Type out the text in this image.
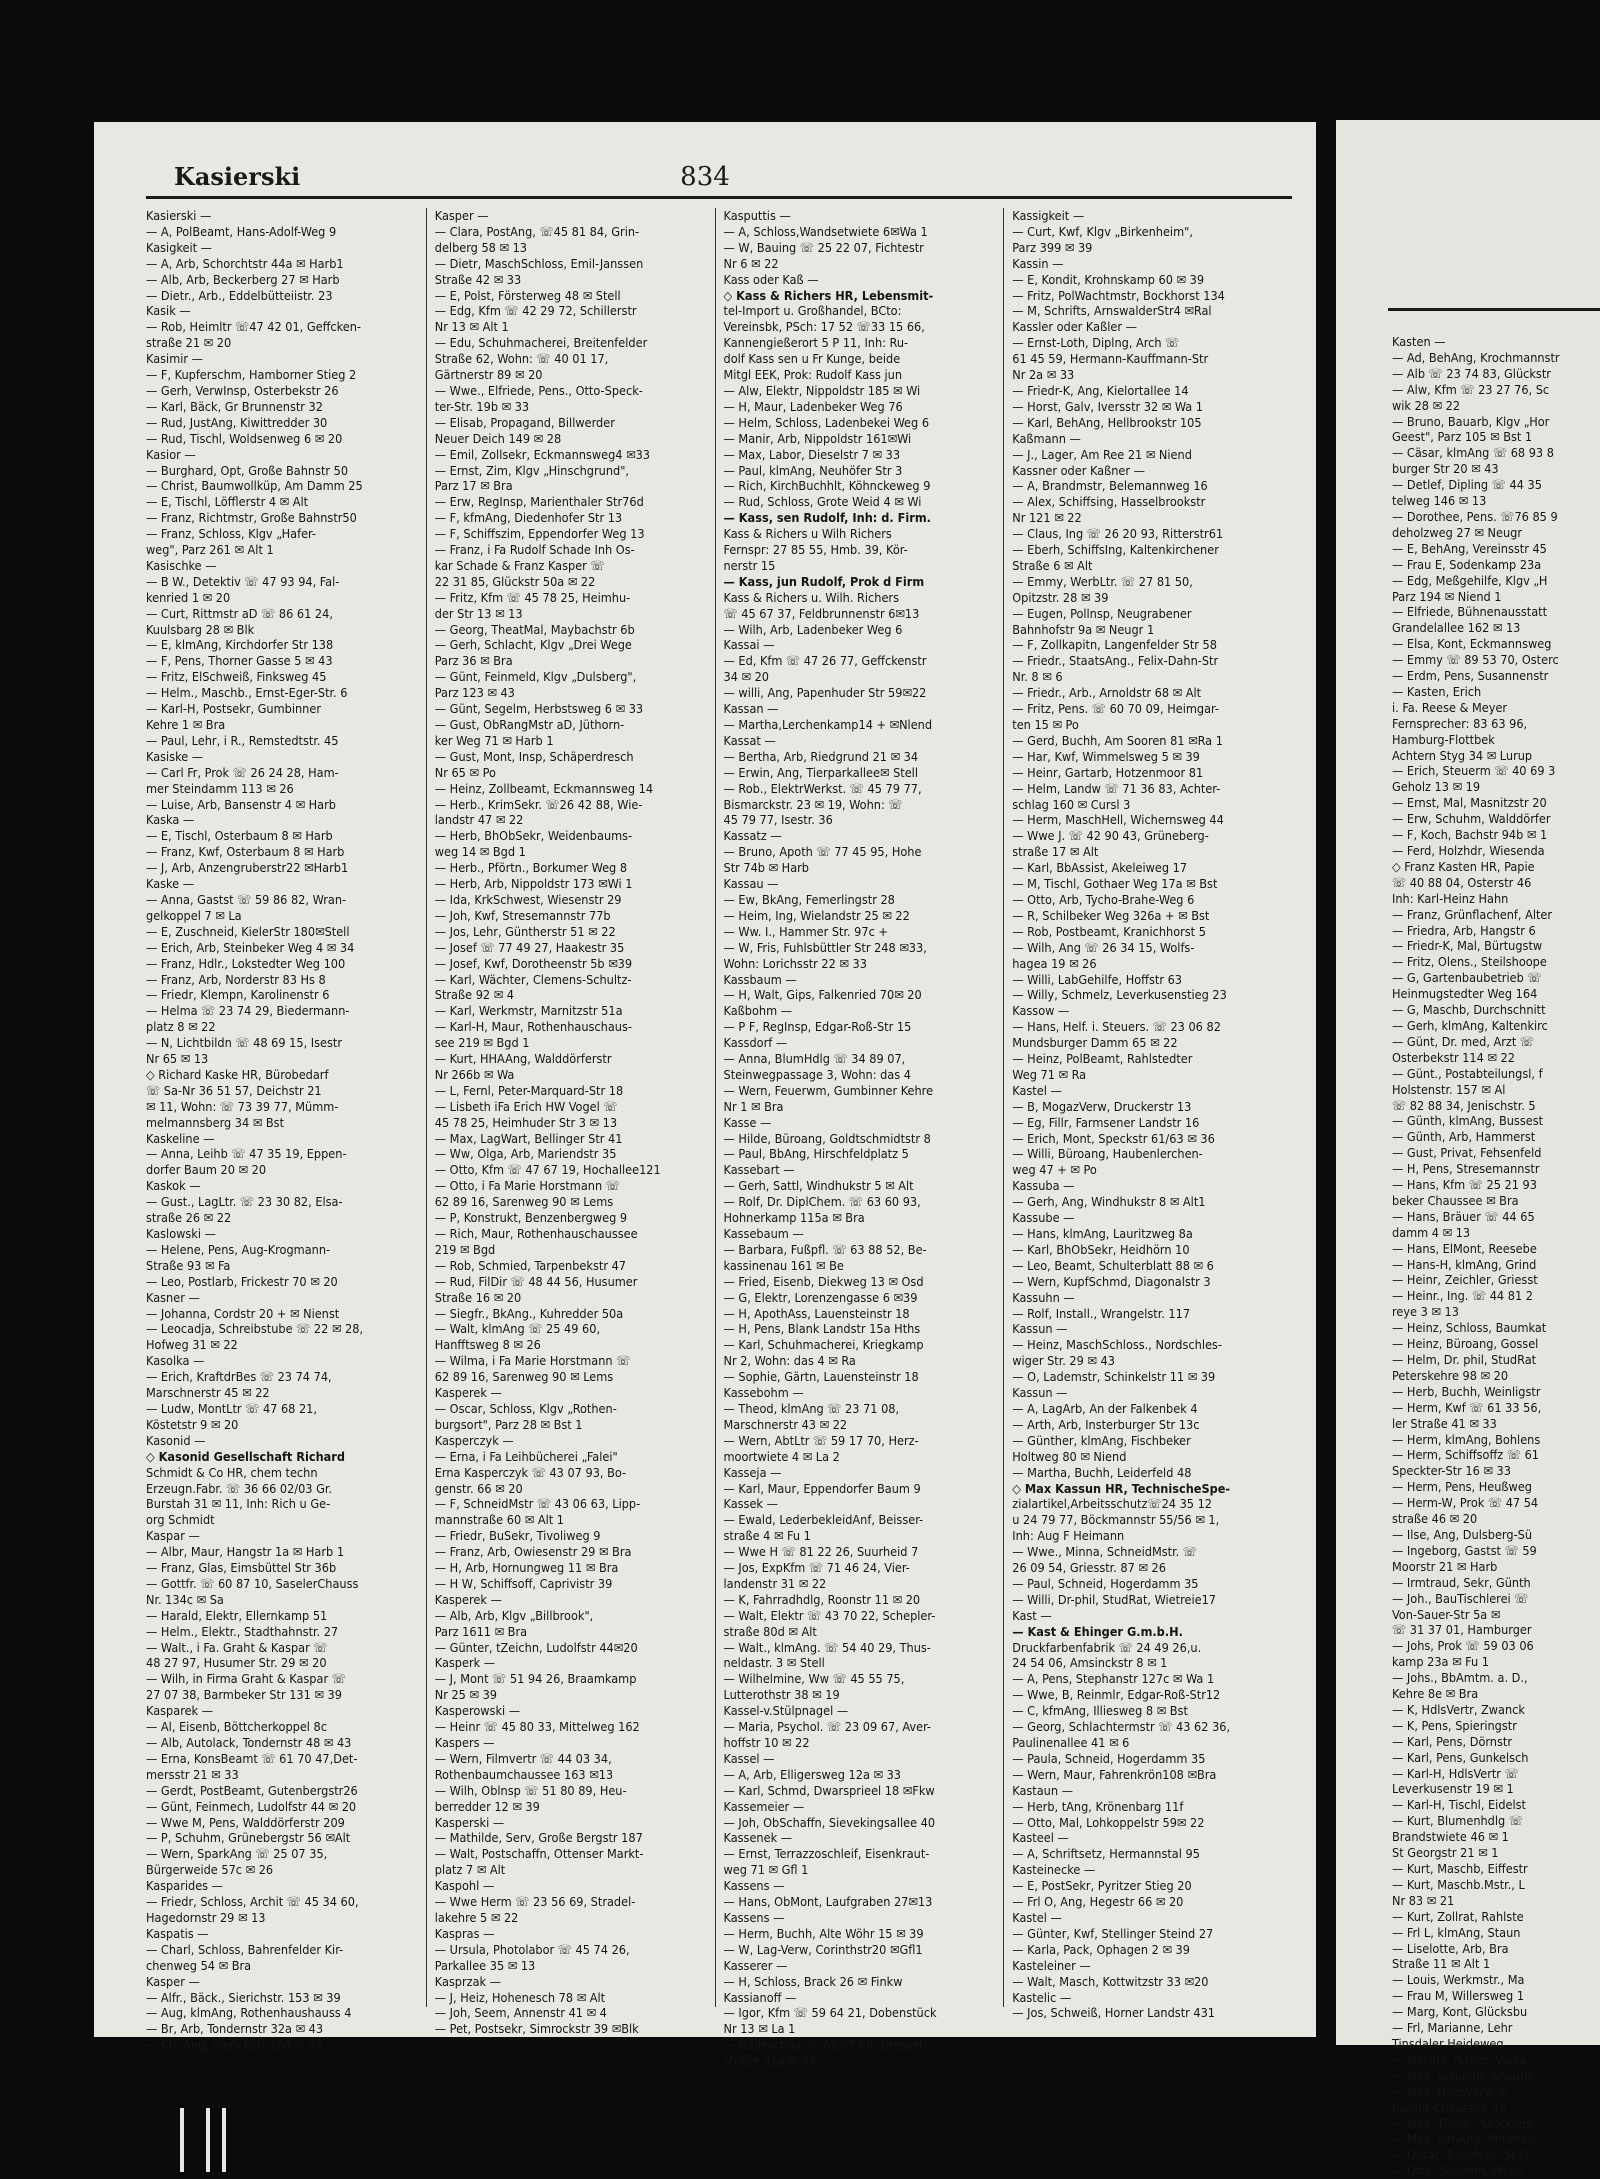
Kasierski	834
Kasierski —
— A, PolBeamt, Hans-Adolf-Weg 9
Kasigkeit —
— A, Arb, Schorchtstr 44a ✉ Harb1
— Alb, Arb, Beckerberg 27 ✉ Harb
— Dietr., Arb., Eddelbütteiistr. 23
Kasik —
— Rob, Heimltr ☏47 42 01, Geffcken-
straße 21 ✉ 20
Kasimir —
— F, Kupferschm, Hamborner Stieg 2
— Gerh, VerwInsp, Osterbekstr 26
— Karl, Bäck, Gr Brunnenstr 32
— Rud, JustAng, Kiwittredder 30
— Rud, Tischl, Woldsenweg 6 ✉ 20
Kasior —
— Burghard, Opt, Große Bahnstr 50
— Christ, Baumwollküp, Am Damm 25
— E, Tischl, Löfflerstr 4 ✉ Alt
— Franz, Richtmstr, Große Bahnstr50
— Franz, Schloss, Klgv „Hafer-
weg", Parz 261 ✉ Alt 1
Kasischke —
— B W., Detektiv ☏ 47 93 94, Fal-
kenried 1 ✉ 20
— Curt, Rittmstr aD ☏ 86 61 24,
Kuulsbarg 28 ✉ Blk
— E, klmAng, Kirchdorfer Str 138
— F, Pens, Thorner Gasse 5 ✉ 43
— Fritz, ElSchweiß, Finksweg 45
— Helm., Maschb., Ernst-Eger-Str. 6
— Karl-H, Postsekr, Gumbinner
Kehre 1 ✉ Bra
— Paul, Lehr, i R., Remstedtstr. 45
Kasiske —
— Carl Fr, Prok ☏ 26 24 28, Ham-
mer Steindamm 113 ✉ 26
— Luise, Arb, Bansenstr 4 ✉ Harb
Kaska —
— E, Tischl, Osterbaum 8 ✉ Harb
— Franz, Kwf, Osterbaum 8 ✉ Harb
— J, Arb, Anzengruberstr22 ✉Harb1
Kaske —
— Anna, Gastst ☏ 59 86 82, Wran-
gelkoppel 7 ✉ La
— E, Zuschneid, KielerStr 180✉Stell
— Erich, Arb, Steinbeker Weg 4 ✉ 34
— Franz, Hdlr., Lokstedter Weg 100
— Franz, Arb, Norderstr 83 Hs 8
— Friedr, Klempn, Karolinenstr 6
— Helma ☏ 23 74 29, Biedermann-
platz 8 ✉ 22
— N, Lichtbildn ☏ 48 69 15, Isestr
Nr 65 ✉ 13
◇ Richard Kaske HR, Bürobedarf
☏ Sa-Nr 36 51 57, Deichstr 21
✉ 11, Wohn: ☏ 73 39 77, Mümm-
melmannsberg 34 ✉ Bst
Kaskeline —
— Anna, Leihb ☏ 47 35 19, Eppen-
dorfer Baum 20 ✉ 20
Kaskok —
— Gust., LagLtr. ☏ 23 30 82, Elsa-
straße 26 ✉ 22
Kaslowski —
— Helene, Pens, Aug-Krogmann-
Straße 93 ✉ Fa
— Leo, Postlarb, Frickestr 70 ✉ 20
Kasner —
— Johanna, Cordstr 20 + ✉ Nienst
— Leocadja, Schreibstube ☏ 22 ✉ 28,
Hofweg 31 ✉ 22
Kasolka —
— Erich, KraftdrBes ☏ 23 74 74,
Marschnerstr 45 ✉ 22
— Ludw, MontLtr ☏ 47 68 21,
Köstetstr 9 ✉ 20
Kasonid —
◇ Kasonid Gesellschaft Richard
Schmidt & Co HR, chem techn
Erzeugn.Fabr. ☏ 36 66 02/03 Gr.
Burstah 31 ✉ 11, Inh: Rich u Ge-
org Schmidt
Kaspar —
— Albr, Maur, Hangstr 1a ✉ Harb 1
— Franz, Glas, Eimsbüttel Str 36b
— Gottfr. ☏ 60 87 10, SaselerChauss
Nr. 134c ✉ Sa
— Harald, Elektr, Ellernkamp 51
— Helm., Elektr., Stadthahnstr. 27
— Walt., i Fa. Graht & Kaspar ☏
48 27 97, Husumer Str. 29 ✉ 20
— Wilh, in Firma Graht & Kaspar ☏
27 07 38, Barmbeker Str 131 ✉ 39
Kasparek —
— Al, Eisenb, Böttcherkoppel 8c
— Alb, Autolack, Tondernstr 48 ✉ 43
— Erna, KonsBeamt ☏ 61 70 47,Det-
mersstr 21 ✉ 33
— Gerdt, PostBeamt, Gutenbergstr26
— Günt, Feinmech, Ludolfstr 44 ✉ 20
— Wwe M, Pens, Walddörferstr 209
— P, Schuhm, Grünebergstr 56 ✉Alt
— Wern, SparkAng ☏ 25 07 35,
Bürgerweide 57c ✉ 26
Kasparides —
— Friedr, Schloss, Archit ☏ 45 34 60,
Hagedornstr 29 ✉ 13
Kaspatis —
— Charl, Schloss, Bahrenfelder Kir-
chenweg 54 ✉ Bra
Kasper —
— Alfr., Bäck., Sierichstr. 153 ✉ 39
— Aug, klmAng, Rothenhaushauss 4
— Br, Arb, Tondernstr 32a ✉ 43
— Ch, Ang, Sierichstr 166 ✉ 39
Kasper —
— Clara, PostAng, ☏45 81 84, Grin-
delberg 58 ✉ 13
— Dietr, MaschSchloss, Emil-Janssen
Straße 42 ✉ 33
— E, Polst, Försterweg 48 ✉ Stell
— Edg, Kfm ☏ 42 29 72, Schillerstr
Nr 13 ✉ Alt 1
— Edu, Schuhmacherei, Breitenfelder
Straße 62, Wohn: ☏ 40 01 17,
Gärtnerstr 89 ✉ 20
— Wwe., Elfriede, Pens., Otto-Speck-
ter-Str. 19b ✉ 33
— Elisab, Propagand, Billwerder
Neuer Deich 149 ✉ 28
— Emil, Zollsekr, Eckmannsweg4 ✉33
— Ernst, Zim, Klgv „Hinschgrund",
Parz 17 ✉ Bra
— Erw, RegInsp, Marienthaler Str76d
— F, kfmAng, Diedenhofer Str 13
— F, Schiffszim, Eppendorfer Weg 13
— Franz, i Fa Rudolf Schade Inh Os-
kar Schade & Franz Kasper ☏
22 31 85, Glückstr 50a ✉ 22
— Fritz, Kfm ☏ 45 78 25, Heimhu-
der Str 13 ✉ 13
— Georg, TheatMal, Maybachstr 6b
— Gerh, Schlacht, Klgv „Drei Wege
Parz 36 ✉ Bra
— Günt, Feinmeld, Klgv „Dulsberg",
Parz 123 ✉ 43
— Günt, Segelm, Herbstsweg 6 ✉ 33
— Gust, ObRangMstr aD, Jüthorn-
ker Weg 71 ✉ Harb 1
— Gust, Mont, Insp, Schäperdresch
Nr 65 ✉ Po
— Heinz, Zollbeamt, Eckmannsweg 14
— Herb., KrimSekr. ☏26 42 88, Wie-
landstr 47 ✉ 22
— Herb, BhObSekr, Weidenbaums-
weg 14 ✉ Bgd 1
— Herb., Pförtn., Borkumer Weg 8
— Herb, Arb, Nippoldstr 173 ✉Wi 1
— Ida, KrkSchwest, Wiesenstr 29
— Joh, Kwf, Stresemannstr 77b
— Jos, Lehr, Güntherstr 51 ✉ 22
— Josef ☏ 77 49 27, Haakestr 35
— Josef, Kwf, Dorotheenstr 5b ✉39
— Karl, Wächter, Clemens-Schultz-
Straße 92 ✉ 4
— Karl, Werkmstr, Marnitzstr 51a
— Karl-H, Maur, Rothenhauschaus-
see 219 ✉ Bgd 1
— Kurt, HHAAng, Walddörferstr
Nr 266b ✉ Wa
— L, Fernl, Peter-Marquard-Str 18
— Lisbeth iFa Erich HW Vogel ☏
45 78 25, Heimhuder Str 3 ✉ 13
— Max, LagWart, Bellinger Str 41
— Ww, Olga, Arb, Mariendstr 35
— Otto, Kfm ☏ 47 67 19, Hochallee121
— Otto, i Fa Marie Horstmann ☏
62 89 16, Sarenweg 90 ✉ Lems
— P, Konstrukt, Benzenbergweg 9
— Rich, Maur, Rothenhauschaussee
219 ✉ Bgd
— Rob, Schmied, Tarpenbekstr 47
— Rud, FilDir ☏ 48 44 56, Husumer
Straße 16 ✉ 20
— Siegfr., BkAng., Kuhredder 50a
— Walt, klmAng ☏ 25 49 60,
Hanfftsweg 8 ✉ 26
— Wilma, i Fa Marie Horstmann ☏
62 89 16, Sarenweg 90 ✉ Lems
Kasperek —
— Oscar, Schloss, Klgv „Rothen-
burgsort", Parz 28 ✉ Bst 1
Kasperczyk —
— Erna, i Fa Leihbücherei „Falei"
Erna Kasperczyk ☏ 43 07 93, Bo-
genstr. 66 ✉ 20
— F, SchneidMstr ☏ 43 06 63, Lipp-
mannstraße 60 ✉ Alt 1
— Friedr, BuSekr, Tivoliweg 9
— Franz, Arb, Owiesenstr 29 ✉ Bra
— H, Arb, Hornungweg 11 ✉ Bra
— H W, Schiffsoff, Caprivistr 39
Kasperek —
— Alb, Arb, Klgv „Billbrook",
Parz 1611 ✉ Bra
— Günter, tZeichn, Ludolfstr 44✉20
Kasperk —
— J, Mont ☏ 51 94 26, Braamkamp
Nr 25 ✉ 39
Kasperowski —
— Heinr ☏ 45 80 33, Mittelweg 162
Kaspers —
— Wern, Filmvertr ☏ 44 03 34,
Rothenbaumchaussee 163 ✉13
— Wilh, Oblnsp ☏ 51 80 89, Heu-
berredder 12 ✉ 39
Kasperski —
— Mathilde, Serv, Große Bergstr 187
— Walt, Postschaffn, Ottenser Markt-
platz 7 ✉ Alt
Kaspohl —
— Wwe Herm ☏ 23 56 69, Stradel-
lakehre 5 ✉ 22
Kaspras —
— Ursula, Photolabor ☏ 45 74 26,
Parkallee 35 ✉ 13
Kasprzak —
— J, Heiz, Hohenesch 78 ✉ Alt
— Joh, Seem, Annenstr 41 ✉ 4
— Pet, Postsekr, Simrockstr 39 ✉Blk
Kasputtis —
— A, Schloss,Wandsetwiete 6✉Wa 1
— W, Bauing ☏ 25 22 07, Fichtestr
Nr 6 ✉ 22
Kass oder Kaß —
◇ Kass & Richers HR, Lebensmit-
tel-Import u. Großhandel, BCto:
Vereinsbk, PSch: 17 52 ☏33 15 66,
Kannengießerort 5 P 11, Inh: Ru-
dolf Kass sen u Fr Kunge, beide
Mitgl EEK, Prok: Rudolf Kass jun
— Alw, Elektr, Nippoldstr 185 ✉ Wi
— H, Maur, Ladenbeker Weg 76
— Helm, Schloss, Ladenbekei Weg 6
— Manir, Arb, Nippoldstr 161✉Wi
— Max, Labor, Dieselstr 7 ✉ 33
— Paul, klmAng, Neuhöfer Str 3
— Rich, KirchBuchhlt, Köhnckeweg 9
— Rud, Schloss, Grote Weid 4 ✉ Wi
— Kass, sen Rudolf, Inh: d. Firm.
Kass & Richers u Wilh Richers
Fernspr: 27 85 55, Hmb. 39, Kör-
nerstr 15
— Kass, jun Rudolf, Prok d Firm
Kass & Richers u. Wilh. Richers
☏ 45 67 37, Feldbrunnenstr 6✉13
— Wilh, Arb, Ladenbeker Weg 6
Kassai —
— Ed, Kfm ☏ 47 26 77, Geffckenstr
34 ✉ 20
— willi, Ang, Papenhuder Str 59✉22
Kassan —
— Martha,Lerchenkamp14 + ✉Nlend
Kassat —
— Bertha, Arb, Riedgrund 21 ✉ 34
— Erwin, Ang, Tierparkallee✉ Stell
— Rob., ElektrWerkst. ☏ 45 79 77,
Bismarckstr. 23 ✉ 19, Wohn: ☏
45 79 77, Isestr. 36
Kassatz —
— Bruno, Apoth ☏ 77 45 95, Hohe
Str 74b ✉ Harb
Kassau —
— Ew, BkAng, Femerlingstr 28
— Heim, Ing, Wielandstr 25 ✉ 22
— Ww. I., Hammer Str. 97c +
— W, Fris, Fuhlsbüttler Str 248 ✉33,
Wohn: Lorichsstr 22 ✉ 33
Kassbaum —
— H, Walt, Gips, Falkenried 70✉ 20
Kaßbohm —
— P F, RegInsp, Edgar-Roß-Str 15
Kassdorf —
— Anna, BlumHdlg ☏ 34 89 07,
Steinwegpassage 3, Wohn: das 4
— Wern, Feuerwm, Gumbinner Kehre
Nr 1 ✉ Bra
Kasse —
— Hilde, Büroang, Goldtschmidtstr 8
— Paul, BbAng, Hirschfeldplatz 5
Kassebart —
— Gerh, Sattl, Windhukstr 5 ✉ Alt
— Rolf, Dr. DiplChem. ☏ 63 60 93,
Hohnerkamp 115a ✉ Bra
Kassebaum —
— Barbara, Fußpfl. ☏ 63 88 52, Be-
kassinenau 161 ✉ Be
— Fried, Eisenb, Diekweg 13 ✉ Osd
— G, Elektr, Lorenzengasse 6 ✉39
— H, ApothAss, Lauensteinstr 18
— H, Pens, Blank Landstr 15a Hths
— Karl, Schuhmacherei, Kriegkamp
Nr 2, Wohn: das 4 ✉ Ra
— Sophie, Gärtn, Lauensteinstr 18
Kassebohm —
— Theod, klmAng ☏ 23 71 08,
Marschnerstr 43 ✉ 22
— Wern, AbtLtr ☏ 59 17 70, Herz-
moortwiete 4 ✉ La 2
Kasseja —
— Karl, Maur, Eppendorfer Baum 9
Kassek —
— Ewald, LederbekleidAnf, Beisser-
straße 4 ✉ Fu 1
— Wwe H ☏ 81 22 26, Suurheid 7
— Jos, ExpKfm ☏ 71 46 24, Vier-
landenstr 31 ✉ 22
— K, Fahrradhdlg, Roonstr 11 ✉ 20
— Walt, Elektr ☏ 43 70 22, Schepler-
straße 80d ✉ Alt
— Walt., klmAng. ☏ 54 40 29, Thus-
neldastr. 3 ✉ Stell
— Wilhelmine, Ww ☏ 45 55 75,
Lutterothstr 38 ✉ 19
Kassel-v.Stülpnagel —
— Maria, Psychol. ☏ 23 09 67, Aver-
hoffstr 10 ✉ 22
Kassel —
— A, Arb, Elligersweg 12a ✉ 33
— Karl, Schmd, Dwarsprieel 18 ✉Fkw
Kassemeier —
— Joh, ObSchaffn, Sievekingsallee 40
Kassenek —
— Ernst, Terrazzoschleif, Eisenkraut-
weg 71 ✉ Gfl 1
Kassens —
— Hans, ObMont, Laufgraben 27✉13
Kassens —
— Herm, Buchh, Alte Wöhr 15 ✉ 39
— W, Lag-Verw, Corinthstr20 ✉Gfl1
Kasserer —
— H, Schloss, Brack 26 ✉ Finkw
Kassianoff —
— Igor, Kfm ☏ 59 64 21, Dobenstück
Nr 13 ✉ La 1
— Nadeschda ☏ 61 07 68, Drossel-
straße 31a ✉ 33
Kassigkeit —
— Curt, Kwf, Klgv „Birkenheim",
Parz 399 ✉ 39
Kassin —
— E, Kondit, Krohnskamp 60 ✉ 39
— Fritz, PolWachtmstr, Bockhorst 134
— M, Schrifts, ArnswalderStr4 ✉Ral
Kassler oder Kaßler —
— Ernst-Loth, Diplng, Arch ☏
61 45 59, Hermann-Kauffmann-Str
Nr 2a ✉ 33
— Friedr-K, Ang, Kielortallee 14
— Horst, Galv, Iversstr 32 ✉ Wa 1
— Karl, BehAng, Hellbrookstr 105
Kaßmann —
— J., Lager, Am Ree 21 ✉ Niend
Kassner oder Kaßner —
— A, Brandmstr, Belemannweg 16
— Alex, Schiffsing, Hasselbrookstr
Nr 121 ✉ 22
— Claus, Ing ☏ 26 20 93, Ritterstr61
— Eberh, SchiffsIng, Kaltenkirchener
Straße 6 ✉ Alt
— Emmy, WerbLtr. ☏ 27 81 50,
Opitzstr. 28 ✉ 39
— Eugen, Pollnsp, Neugrabener
Bahnhofstr 9a ✉ Neugr 1
— F, Zollkapitn, Langenfelder Str 58
— Friedr., StaatsAng., Felix-Dahn-Str
Nr. 8 ✉ 6
— Friedr., Arb., Arnoldstr 68 ✉ Alt
— Fritz, Pens. ☏ 60 70 09, Heimgar-
ten 15 ✉ Po
— Gerd, Buchh, Am Sooren 81 ✉Ra 1
— Har, Kwf, Wimmelsweg 5 ✉ 39
— Heinr, Gartarb, Hotzenmoor 81
— Helm, Landw ☏ 71 36 83, Achter-
schlag 160 ✉ Cursl 3
— Herm, MaschHell, Wichernsweg 44
— Wwe J. ☏ 42 90 43, Grüneberg-
straße 17 ✉ Alt
— Karl, BbAssist, Akeleiweg 17
— M, Tischl, Gothaer Weg 17a ✉ Bst
— Otto, Arb, Tycho-Brahe-Weg 6
— R, Schilbeker Weg 326a + ✉ Bst
— Rob, Postbeamt, Kranichhorst 5
— Wilh, Ang ☏ 26 34 15, Wolfs-
hagea 19 ✉ 26
— Willi, LabGehilfe, Hoffstr 63
— Willy, Schmelz, Leverkusenstieg 23
Kassow —
— Hans, Helf. i. Steuers. ☏ 23 06 82
Mundsburger Damm 65 ✉ 22
— Heinz, PolBeamt, Rahlstedter
Weg 71 ✉ Ra
Kastel —
— B, MogazVerw, Druckerstr 13
— Eg, Fillr, Farmsener Landstr 16
— Erich, Mont, Speckstr 61/63 ✉ 36
— Willi, Büroang, Haubenlerchen-
weg 47 + ✉ Po
Kassuba —
— Gerh, Ang, Windhukstr 8 ✉ Alt1
Kassube —
— Hans, klmAng, Lauritzweg 8a
— Karl, BhObSekr, Heidhörn 10
— Leo, Beamt, Schulterblatt 88 ✉ 6
— Wern, KupfSchmd, Diagonalstr 3
Kassuhn —
— Rolf, Install., Wrangelstr. 117
Kassun —
— Heinz, MaschSchloss., Nordschles-
wiger Str. 29 ✉ 43
— O, Lademstr, Schinkelstr 11 ✉ 39
Kassun —
— A, LagArb, An der Falkenbek 4
— Arth, Arb, Insterburger Str 13c
— Günther, klmAng, Fischbeker
Holtweg 80 ✉ Niend
— Martha, Buchh, Leiderfeld 48
◇ Max Kassun HR, TechnischeSpe-
zialartikel,Arbeitsschutz☏24 35 12
u 24 79 77, Böckmannstr 55/56 ✉ 1,
Inh: Aug F Heimann
— Wwe., Minna, SchneidMstr. ☏
26 09 54, Griesstr. 87 ✉ 26
— Paul, Schneid, Hogerdamm 35
— Willi, Dr-phil, StudRat, Wietreie17
Kast —
— Kast & Ehinger G.m.b.H.
Druckfarbenfabrik ☏ 24 49 26,u.
24 54 06, Amsinckstr 8 ✉ 1
— A, Pens, Stephanstr 127c ✉ Wa 1
— Wwe, B, Reinmlr, Edgar-Roß-Str12
— C, kfmAng, Illiesweg 8 ✉ Bst
— Georg, Schlachtermstr ☏ 43 62 36,
Paulinenallee 41 ✉ 6
— Paula, Schneid, Hogerdamm 35
— Wern, Maur, Fahrenkrön108 ✉Bra
Kastaun —
— Herb, tAng, Krönenbarg 11f
— Otto, Mal, Lohkoppelstr 59✉ 22
Kasteel —
— A, Schriftsetz, Hermannstal 95
Kasteinecke —
— E, PostSekr, Pyritzer Stieg 20
— Frl O, Ang, Hegestr 66 ✉ 20
Kastel —
— Günter, Kwf, Stellinger Steind 27
— Karla, Pack, Ophagen 2 ✉ 39
Kasteleiner —
— Walt, Masch, Kottwitzstr 33 ✉20
Kastelic —
— Jos, Schweiß, Horner Landstr 431
Kasten —
— Ad, BehAng, Krochmannstr
— Alb ☏ 23 74 83, Glückstr
— Alw, Kfm ☏ 23 27 76, Sc
wik 28 ✉ 22
— Bruno, Bauarb, Klgv „Hor
Geest", Parz 105 ✉ Bst 1
— Cäsar, klmAng ☏ 68 93 8
burger Str 20 ✉ 43
— Detlef, Dipling ☏ 44 35
telweg 146 ✉ 13
— Dorothee, Pens. ☏76 85 9
deholzweg 27 ✉ Neugr
— E, BehAng, Vereinsstr 45
— Frau E, Sodenkamp 23a
— Edg, Meßgehilfe, Klgv „H
Parz 194 ✉ Niend 1
— Elfriede, Bühnenausstatt
Grandelallee 162 ✉ 13
— Elsa, Kont, Eckmannsweg
— Emmy ☏ 89 53 70, Osterc
— Erdm, Pens, Susannenstr
— Kasten, Erich
i. Fa. Reese & Meyer
Fernsprecher: 83 63 96,
Hamburg-Flottbek
Achtern Styg 34 ✉ Lurup
— Erich, Steuerm ☏ 40 69 3
Geholz 13 ✉ 19
— Ernst, Mal, Masnitzstr 20
— Erw, Schuhm, Walddörfer
— F, Koch, Bachstr 94b ✉ 1
— Ferd, Holzhdr, Wiesenda
◇ Franz Kasten HR, Papie
☏ 40 88 04, Osterstr 46
Inh: Karl-Heinz Hahn
— Franz, Grünflachenf, Alter
— Friedra, Arb, Hangstr 6
— Friedr-K, Mal, Bürtugstw
— Fritz, Olens., Steilshoope
— G, Gartenbaubetrieb ☏
Heinmugstedter Weg 164
— G, Maschb, Durchschnitt
— Gerh, klmAng, Kaltenkirc
— Günt, Dr. med, Arzt ☏
Osterbekstr 114 ✉ 22
— Günt., Postabteilungsl, f
Holstenstr. 157 ✉ Al
☏ 82 88 34, Jenischstr. 5
— Günth, klmAng, Bussest
— Günth, Arb, Hammerst
— Gust, Privat, Fehsenfeld
— H, Pens, Stresemannstr
— Hans, Kfm ☏ 25 21 93
beker Chaussee ✉ Bra
— Hans, Bräuer ☏ 44 65
damm 4 ✉ 13
— Hans, ElMont, Reesebe
— Hans-H, klmAng, Grind
— Heinr, Zeichler, Griesst
— Heinr., Ing. ☏ 44 81 2
reye 3 ✉ 13
— Heinz, Schloss, Baumkat
— Heinz, Büroang, Gossel
— Helm, Dr. phil, StudRat
Peterskehre 98 ✉ 20
— Herb, Buchh, Weinligstr
— Herm, Kwf ☏ 61 33 56,
ler Straße 41 ✉ 33
— Herm, klmAng, Bohlens
— Herm, Schiffsoffz ☏ 61
Speckter-Str 16 ✉ 33
— Herm, Pens, Heußweg
— Herm-W, Prok ☏ 47 54
straße 46 ✉ 20
— Ilse, Ang, Dulsberg-Sü
— Ingeborg, Gastst ☏ 59
Moorstr 21 ✉ Harb
— Irmtraud, Sekr, Günth
— Joh., BauTischlerei ☏
Von-Sauer-Str 5a ✉
☏ 31 37 01, Hamburger
— Johs, Prok ☏ 59 03 06
kamp 23a ✉ Fu 1
— Johs., BbAmtm. a. D.,
Kehre 8e ✉ Bra
— K, HdlsVertr, Zwanck
— K, Pens, Spieringstr
— Karl, Pens, Dörnstr
— Karl, Pens, Gunkelsch
— Karl-H, HdlsVertr ☏
Leverkusenstr 19 ✉ 1
— Karl-H, Tischl, Eidelst
— Kurt, Blumenhdlg ☏
Brandstwiete 46 ✉ 1
St Georgstr 21 ✉ 1
— Kurt, Maschb, Eiffestr
— Kurt, Maschb.Mstr., L
Nr 83 ✉ 21
— Kurt, Zollrat, Rahlste
— Frl L, klmAng, Staun
— Liselotte, Arb, Bra
Straße 11 ✉ Alt 1
— Louis, Werkmstr., Ma
— Frau M, Willersweg 1
— Marg, Kont, Glücksbu
— Frl, Marianne, Lehr
Tinsdaler Heideweg
— Martha, Näher, Vulka
— Max, Schuhm, Anguns
— Max, Hausverw ☏
burger Chaussee 49
— Max, Tischl., Stückensi
— Max, klmAng, Rotenbu
— Oscar, Buchhalt, St G
— Otto, Schuhm, Wilde
